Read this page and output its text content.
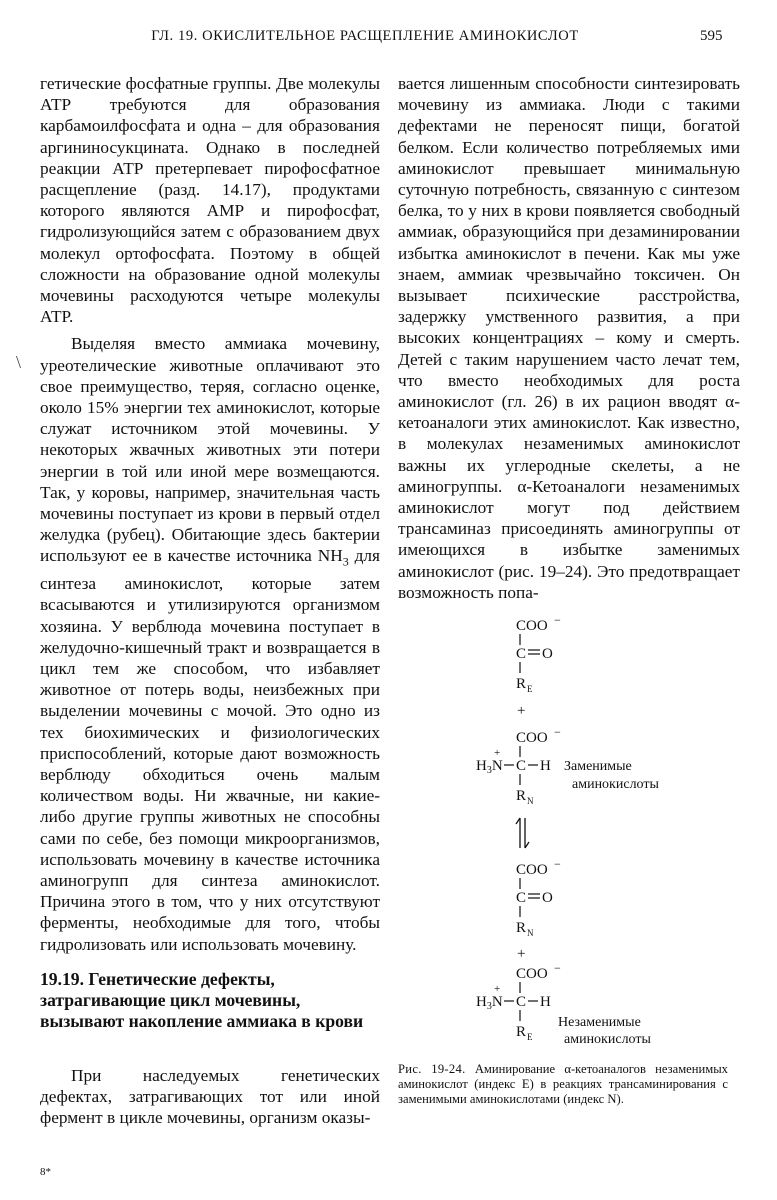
ГЛ. 19. ОКИСЛИТЕЛЬНОЕ РАСЩЕПЛЕНИЕ АМИНОКИСЛОТ	595
\

гетические фосфатные группы. Две молекулы АТР требуются для образования карбамоилфосфата и одна – для образования аргининосукцината. Однако в последней реакции АТР претерпевает пирофосфатное расщепление (разд. 14.17), продуктами которого являются АМР и пирофосфат, гидролизующийся затем с образованием двух молекул ортофосфата. Поэтому в общей сложности на образование одной молекулы мочевины расходуются четыре молекулы АТР.

Выделяя вместо аммиака мочевину, уреотелические животные оплачивают это свое преимущество, теряя, согласно оценке, около 15% энергии тех аминокислот, которые служат источником этой мочевины. У некоторых жвачных животных эти потери энергии в той или иной мере возмещаются. Так, у коровы, например, значительная часть мочевины поступает из крови в первый отдел желудка (рубец). Обитающие здесь бактерии используют ее в качестве источника $NH_3$ для синтеза аминокислот, которые затем всасываются и утилизируются организмом хозяина. У верблюда мочевина поступает в желудочно-кишечный тракт и возвращается в цикл тем же способом, что избавляет животное от потерь воды, неизбежных при выделении мочевины с мочой. Это одно из тех биохимических и физиологических приспособлений, которые дают возможность верблюду обходиться очень малым количеством воды. Ни жвачные, ни какие-либо другие группы животных не способны сами по себе, без помощи микроорганизмов, использовать мочевину в качестве источника аминогрупп для синтеза аминокислот. Причина этого в том, что у них отсутствуют ферменты, необходимые для того, чтобы гидролизовать или использовать мочевину.

19.19. Генетические дефекты, затрагивающие цикл мочевины, вызывают накопление аммиака в крови

При наследуемых генетических дефектах, затрагивающих тот или иной фермент в цикле мочевины, организм оказы-

8*

вается лишенным способности синтезировать мочевину из аммиака. Люди с такими дефектами не переносят пищи, богатой белком. Если количество потребляемых ими аминокислот превышает минимальную суточную потребность, связанную с синтезом белка, то у них в крови появляется свободный аммиак, образующийся при дезаминировании избытка аминокислот в печени. Как мы уже знаем, аммиак чрезвычайно токсичен. Он вызывает психические расстройства, задержку умственного развития, а при высоких концентрациях – кому и смерть. Детей с таким нарушением часто лечат тем, что вместо необходимых для роста аминокислот (гл. 26) в их рацион вводят α-кетоаналоги этих аминокислот. Как известно, в молекулах незаменимых аминокислот важны их углеродные скелеты, а не аминогруппы. α-Кетоаналоги незаменимых аминокислот могут под действием трансаминаз присоединять аминогруппы от имеющихся в избытке заменимых аминокислот (рис. 19–24). Это предотвращает возможность попа-

COO −
C O
R E
+
COO −
$H_3N$
+
C H
R N
Заменимые
аминокислоты
COO −
C O
R N
+
COO −
$H_3N$
+
C H
R E
Незаменимые
аминокислоты

Рис. 19-24. Аминирование α-кетоаналогов незаменимых аминокислот (индекс E) в реакциях трансаминирования с заменимыми аминокислотами (индекс N).
